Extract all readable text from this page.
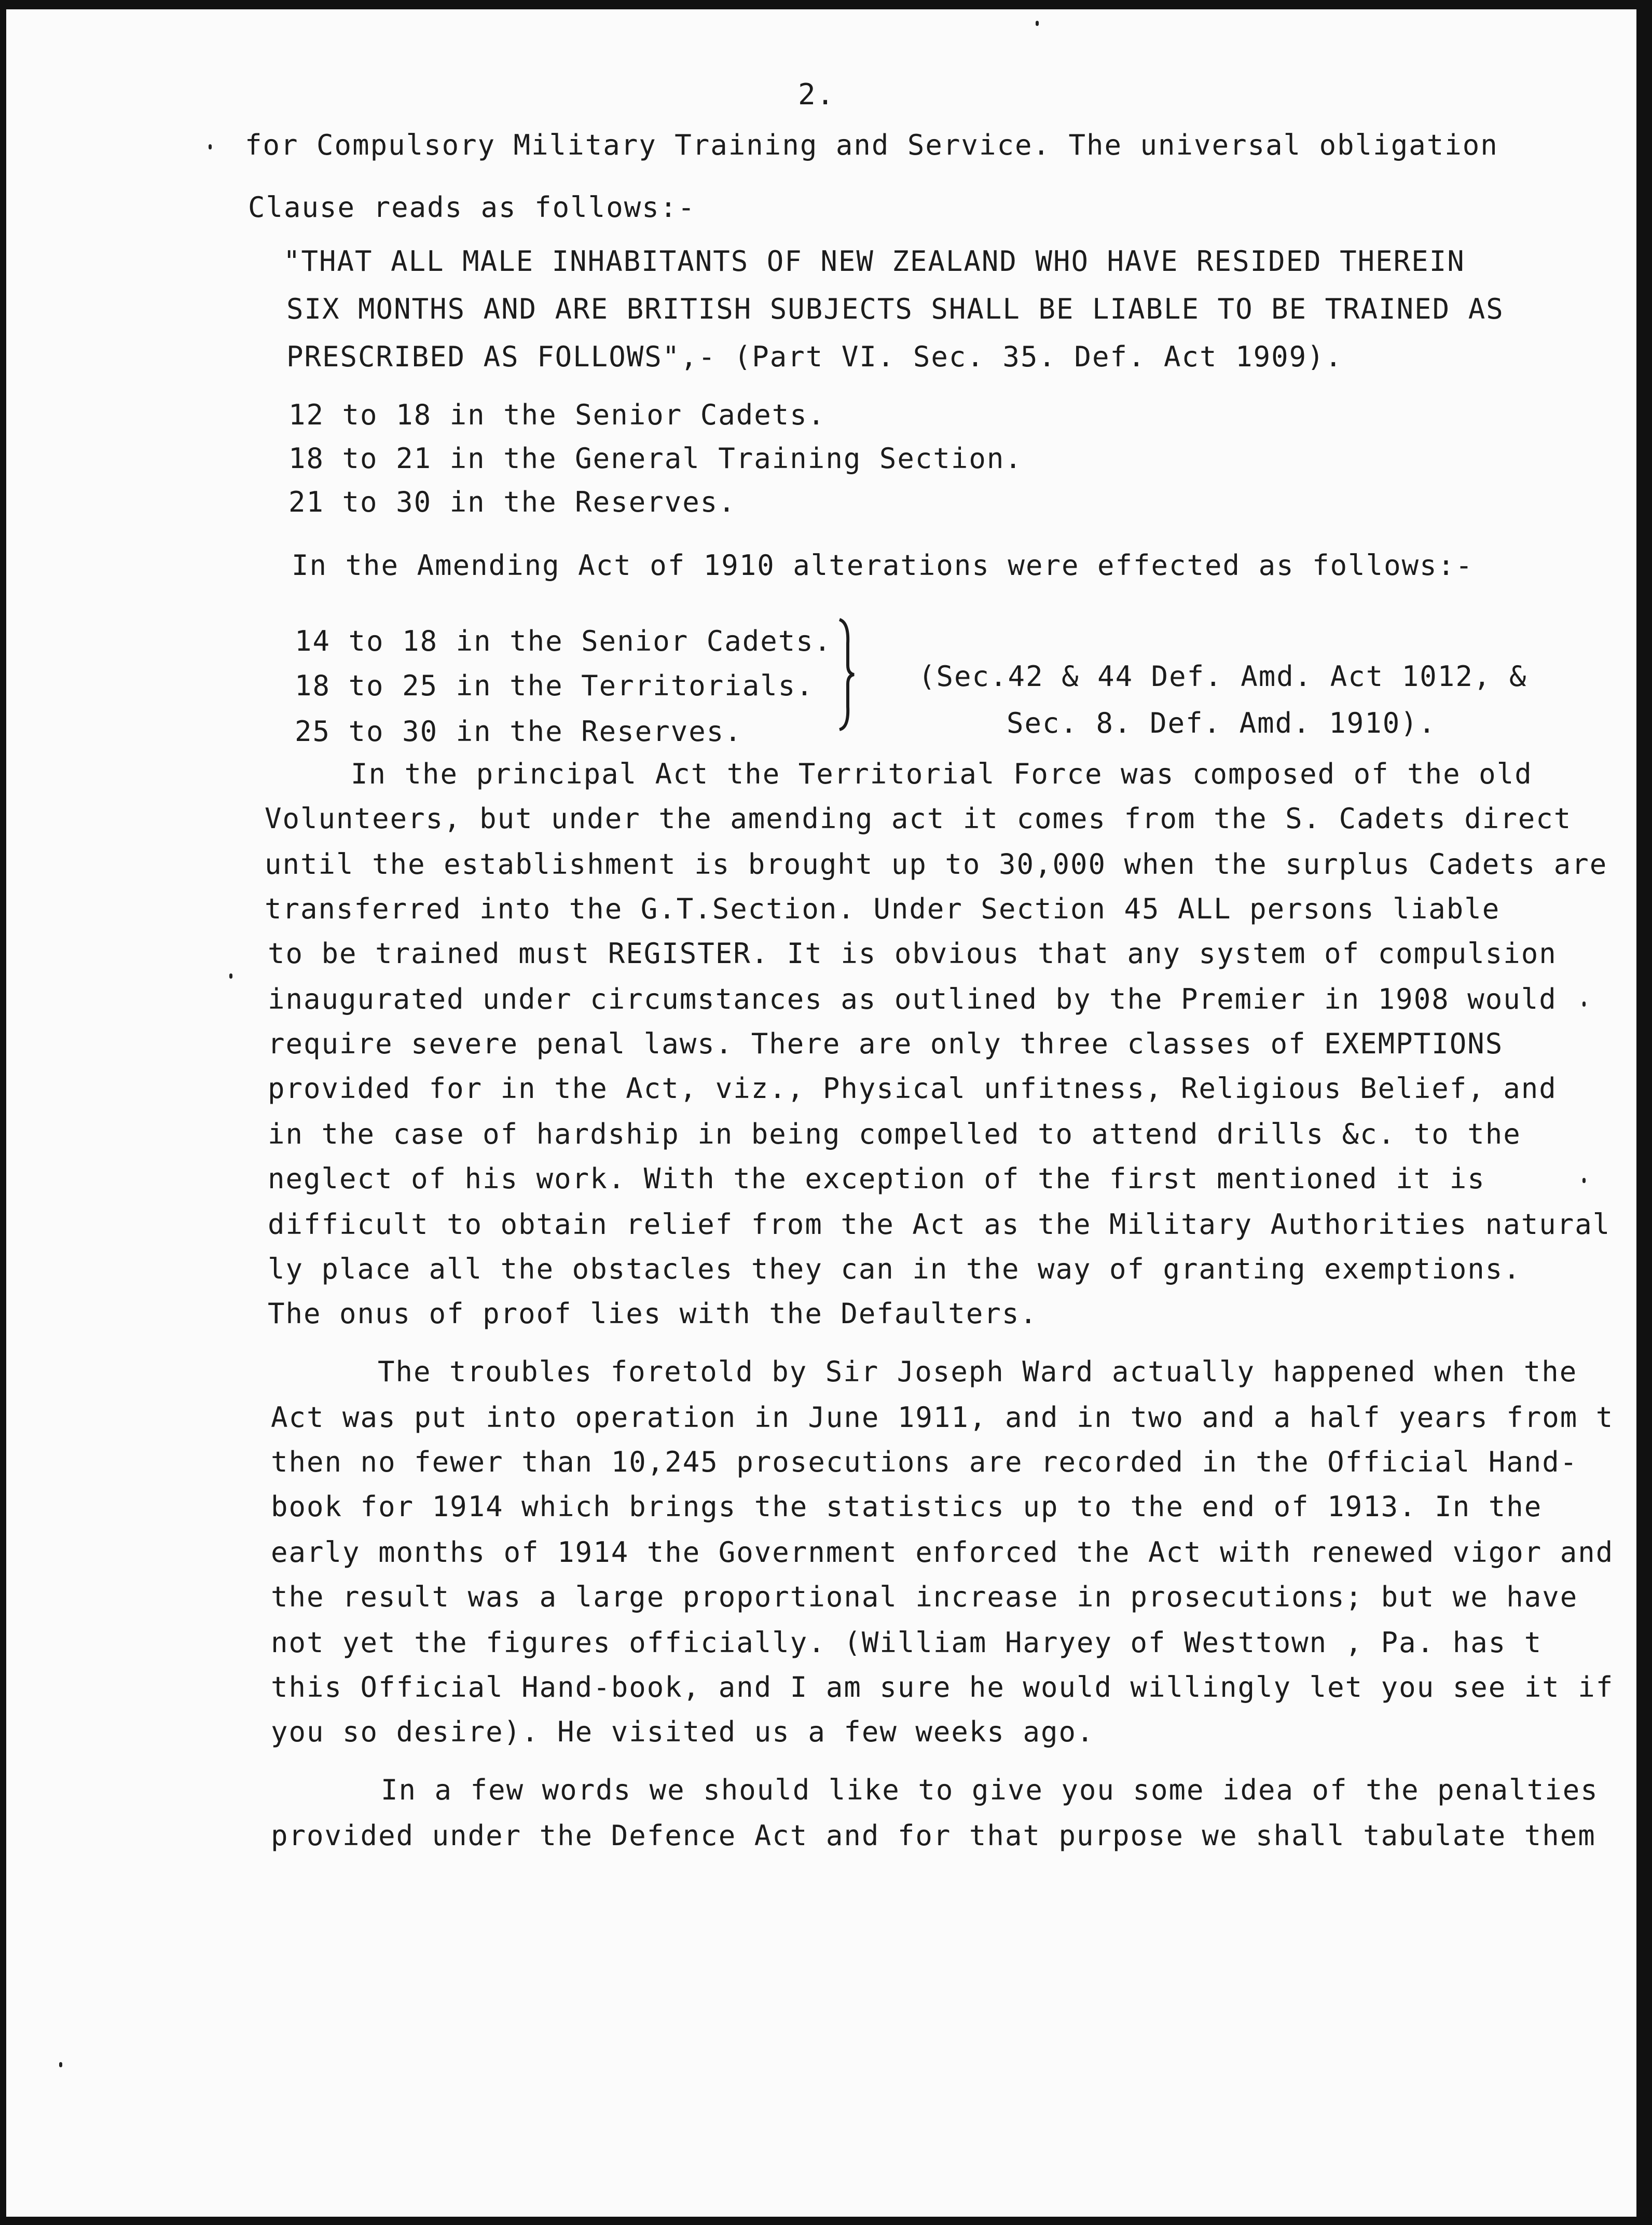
2.

for Compulsory Military Training and Service. The universal obligation

Clause reads as follows:-

"THAT ALL MALE INHABITANTS OF NEW ZEALAND WHO HAVE RESIDED THEREIN

SIX MONTHS AND ARE BRITISH SUBJECTS SHALL BE LIABLE TO BE TRAINED AS

PRESCRIBED AS FOLLOWS",- (Part VI. Sec. 35. Def. Act 1909).

12 to 18 in the Senior Cadets.

18 to 21 in the General Training Section.

21 to 30 in the Reserves.

In the Amending Act of 1910 alterations were effected as follows:-

14 to 18 in the Senior Cadets.

18 to 25 in the Territorials.

25 to 30 in the Reserves.

(Sec.42 & 44 Def. Amd. Act 1012, &

Sec. 8. Def. Amd. 1910).

In the principal Act the Territorial Force was composed of the old

Volunteers, but under the amending act it comes from the S. Cadets direct

until the establishment is brought up to 30,000 when the surplus Cadets are

transferred into the G.T.Section. Under Section 45 ALL persons liable

to be trained must REGISTER. It is obvious that any system of compulsion

inaugurated under circumstances as outlined by the Premier in 1908 would

require severe penal laws. There are only three classes of EXEMPTIONS

provided for in the Act, viz., Physical unfitness, Religious Belief, and

in the case of hardship in being compelled to attend drills &c. to the

neglect of his work. With the exception of the first mentioned it is

difficult to obtain relief from the Act as the Military Authorities natural

ly place all the obstacles they can in the way of granting exemptions.

The onus of proof lies with the Defaulters.

The troubles foretold by Sir Joseph Ward actually happened when the

Act was put into operation in June 1911, and in two and a half years from t

then no fewer than 10,245 prosecutions are recorded in the Official Hand-

book for 1914 which brings the statistics up to the end of 1913. In the

early months of 1914 the Government enforced the Act with renewed vigor and

the result was a large proportional increase in prosecutions; but we have

not yet the figures officially. (William Haryey of Westtown , Pa. has t

this Official Hand-book, and I am sure he would willingly let you see it if

you so desire). He visited us a few weeks ago.

In a few words we should like to give you some idea of the penalties

provided under the Defence Act and for that purpose we shall tabulate them
